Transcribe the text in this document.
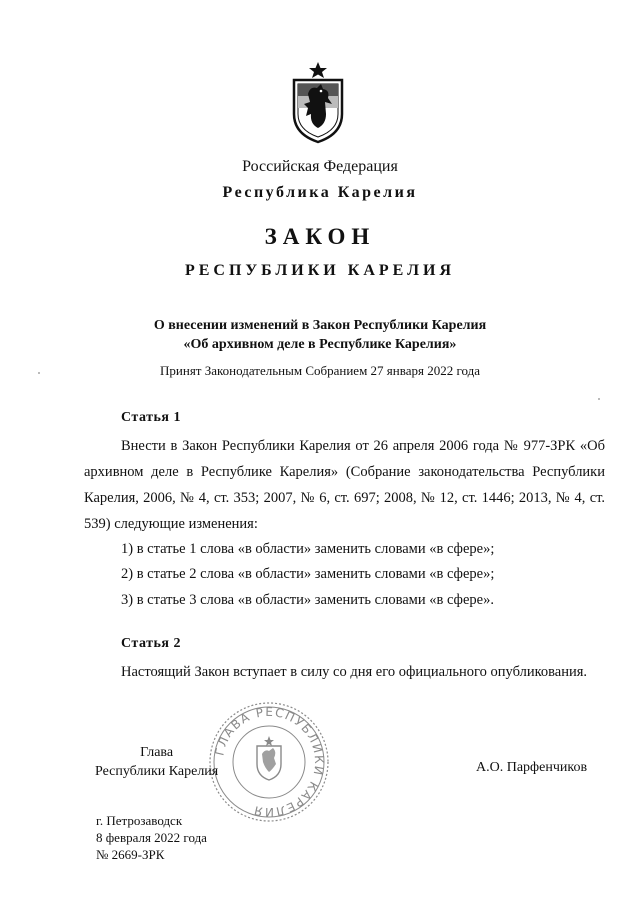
Российская Федерация
Республика Карелия
ЗАКОН
РЕСПУБЛИКИ КАРЕЛИЯ
О внесении изменений в Закон Республики Карелия
«Об архивном деле в Республике Карелия»
Принят Законодательным Собранием 27 января 2022 года
Статья 1
Внести в Закон Республики Карелия от 26 апреля 2006 года № 977-ЗРК «Об архивном деле в Республике Карелия» (Собрание законодательства Республики Карелия, 2006, № 4, ст. 353; 2007, № 6, ст. 697; 2008, № 12, ст. 1446; 2013, № 4, ст. 539) следующие изменения:
1) в статье 1 слова «в области» заменить словами «в сфере»;
2) в статье 2 слова «в области» заменить словами «в сфере»;
3) в статье 3 слова «в области» заменить словами «в сфере».
Статья 2
Настоящий Закон вступает в силу со дня его официального опубликования.
ГЛАВА РЕСПУБЛИКИ КАРЕЛИЯ
Глава
Республики Карелия	А.О. Парфенчиков
г. Петрозаводск
8 февраля 2022 года
№ 2669-ЗРК
